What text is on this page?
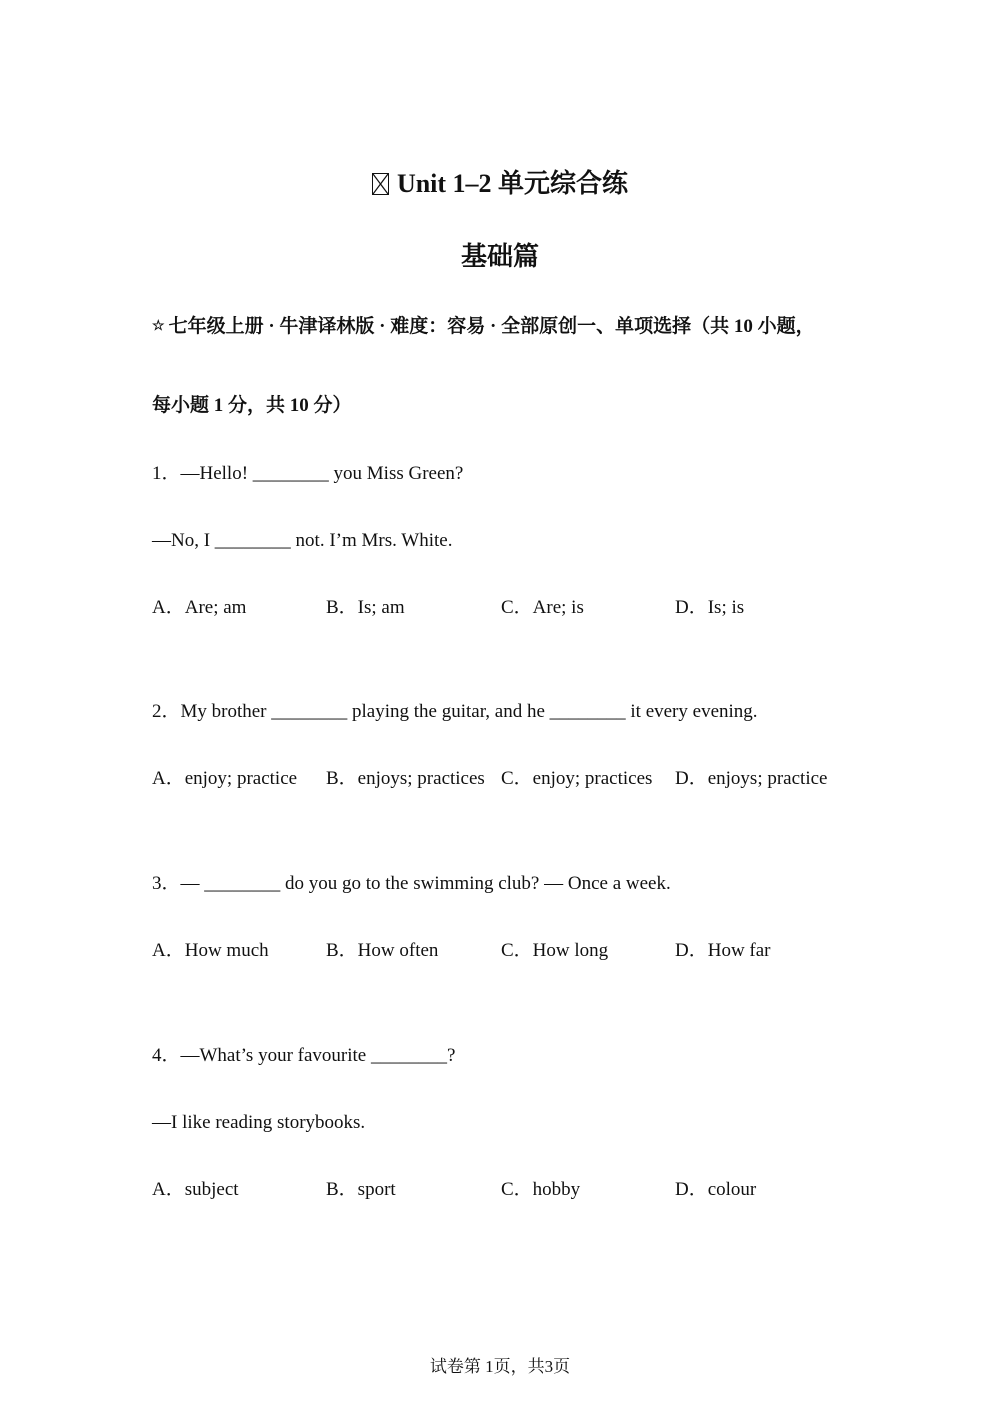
Unit 1–2 单元综合练
基础篇
☆ 七年级上册 · 牛津译林版 · 难度：容易 · 全部原创一、单项选择（共 10 小题，
每小题 1 分，共 10 分）
1．—Hello! ________ you Miss Green?
—No, I ________ not. I’m Mrs. White.
A．Are; am	B．Is; am	C．Are; is	D．Is; is
2．My brother ________ playing the guitar, and he ________ it every evening.
A．enjoy; practice B．enjoys; practices C．enjoy; practices D．enjoys; practice
3．— ________ do you go to the swimming club? — Once a week.
A．How much	B．How often	C．How long	D．How far
4．—What’s your favourite ________?
—I like reading storybooks.
A．subject	B．sport	C．hobby	D．colour
试卷第 1页，共3页
